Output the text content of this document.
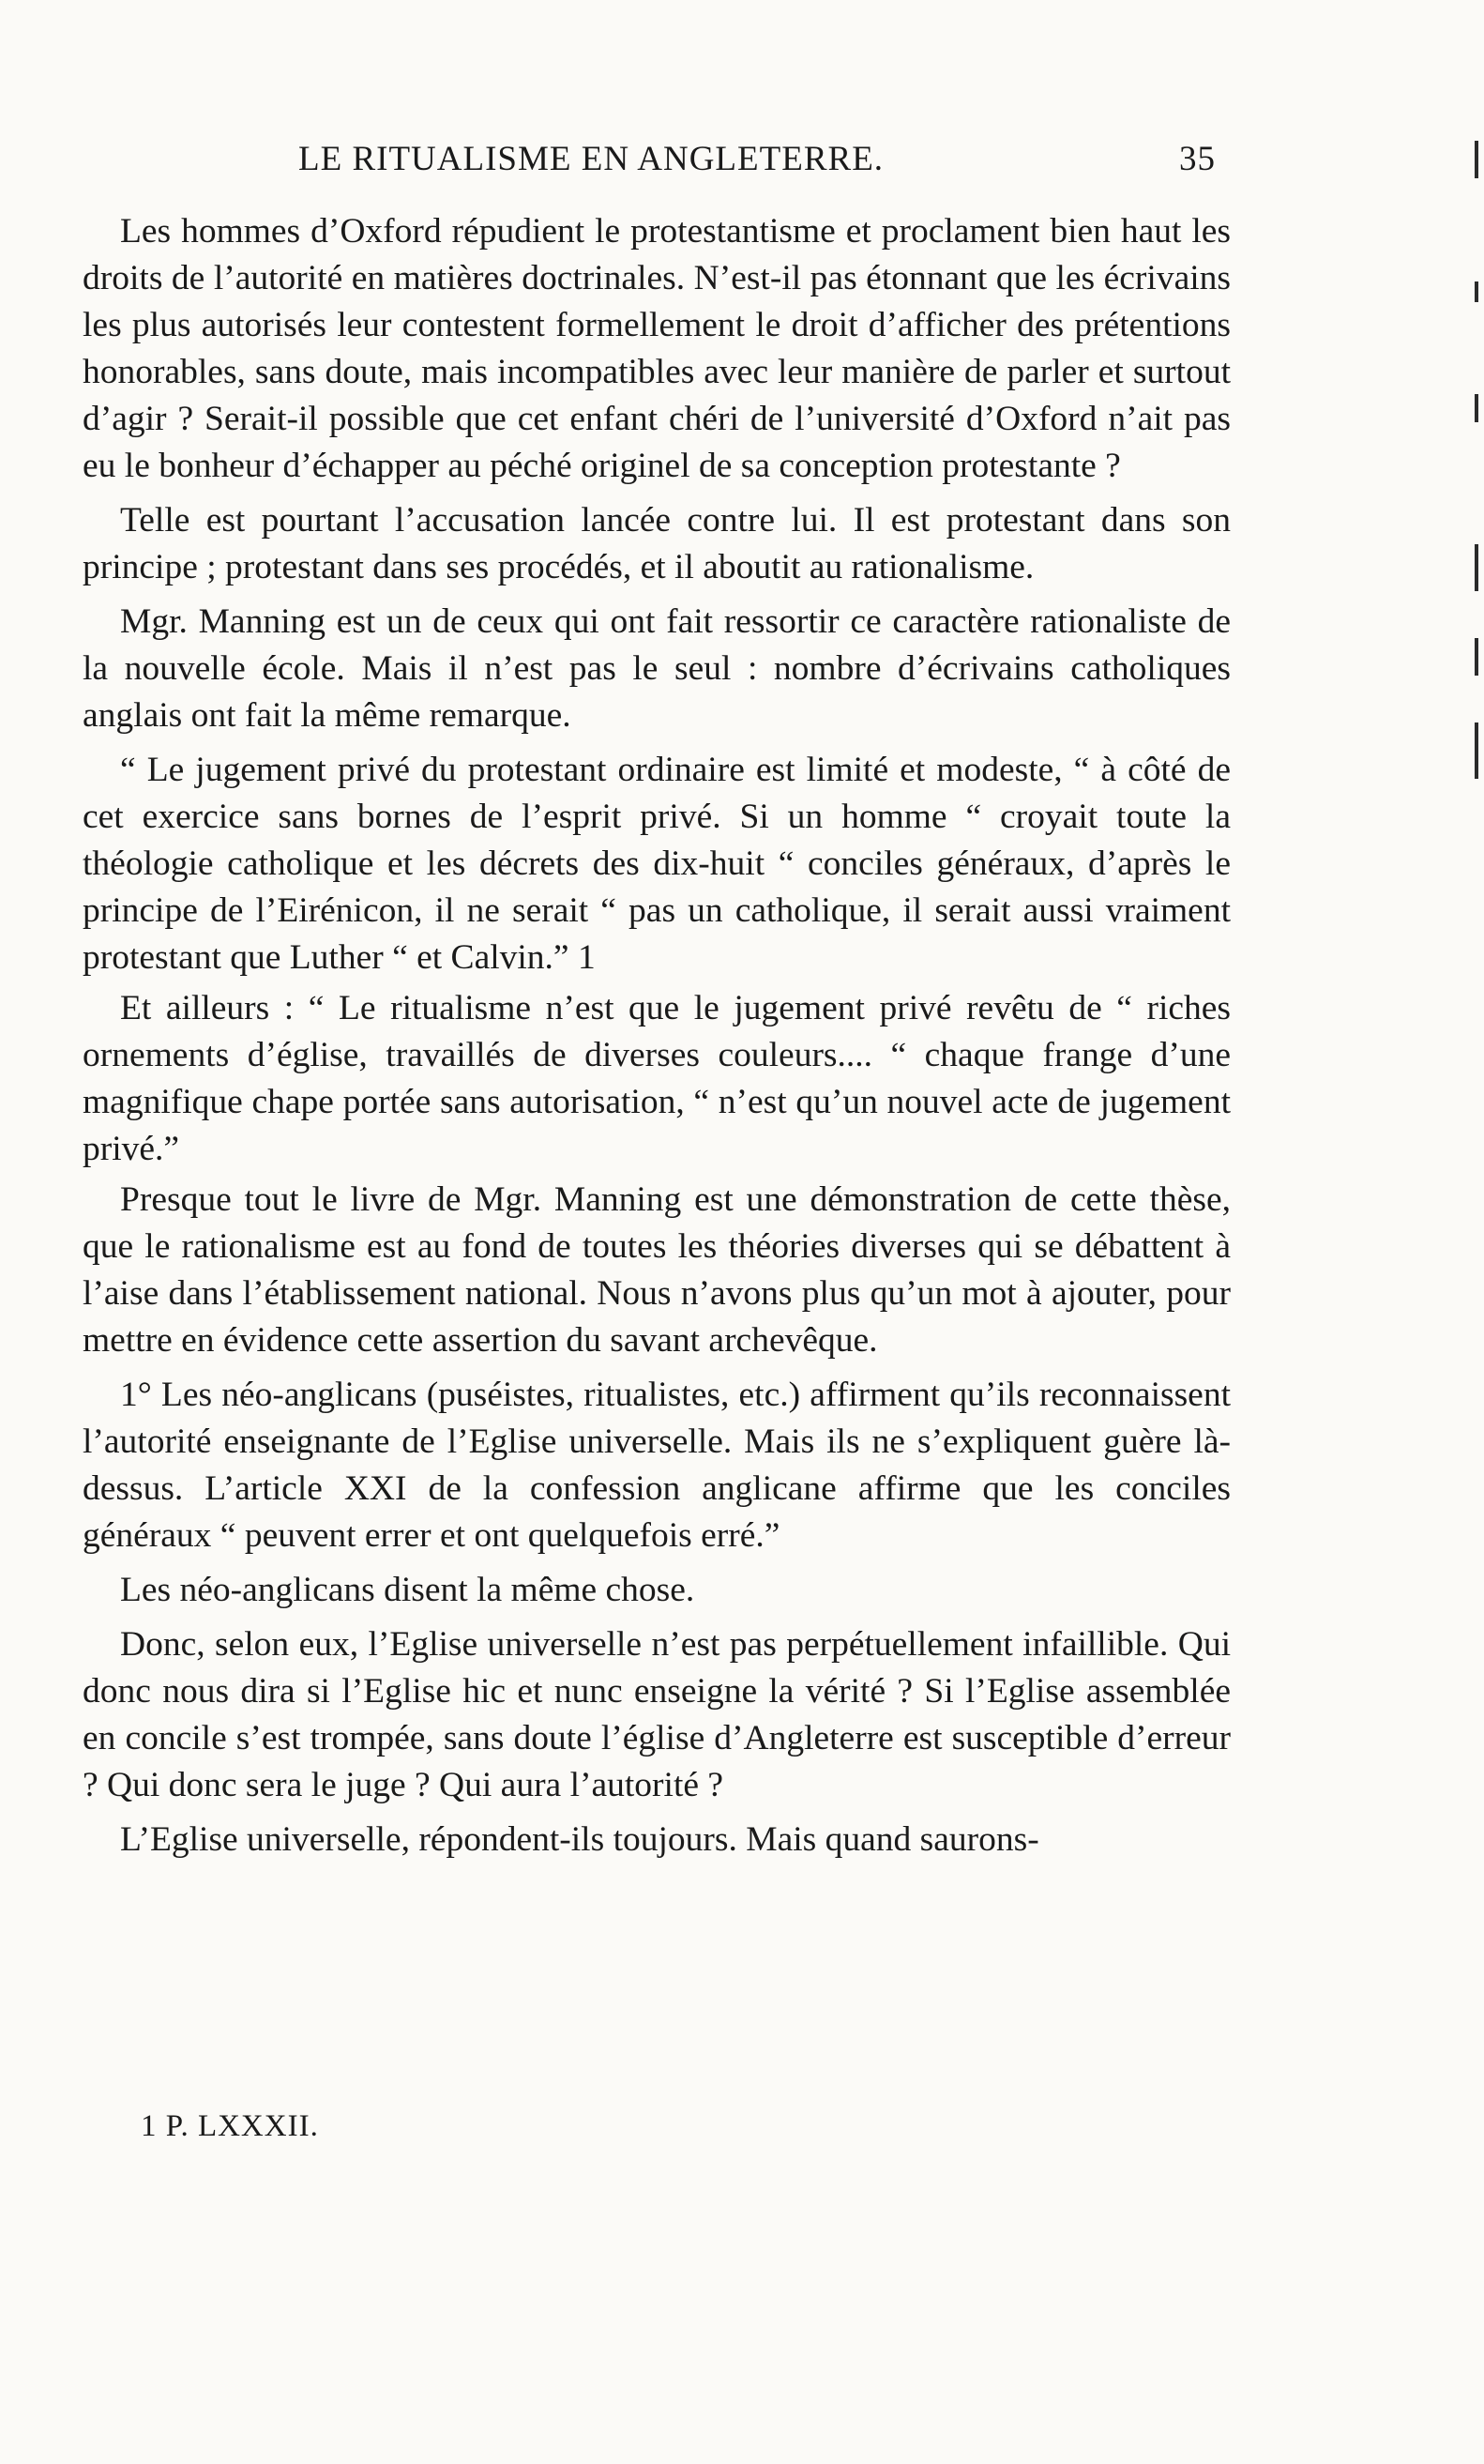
LE RITUALISME EN ANGLETERRE.	35

Les hommes d’Oxford répudient le protestantisme et proclament bien haut les droits de l’autorité en matières doctrinales. N’est-il pas étonnant que les écrivains les plus autorisés leur contestent formellement le droit d’afficher des prétentions honorables, sans doute, mais incompatibles avec leur manière de parler et surtout d’agir ? Serait-il possible que cet enfant chéri de l’université d’Oxford n’ait pas eu le bonheur d’échapper au péché originel de sa conception protestante ?

Telle est pourtant l’accusation lancée contre lui. Il est protestant dans son principe ; protestant dans ses procédés, et il aboutit au rationalisme.

Mgr. Manning est un de ceux qui ont fait ressortir ce caractère rationaliste de la nouvelle école. Mais il n’est pas le seul : nombre d’écrivains catholiques anglais ont fait la même remarque.

“ Le jugement privé du protestant ordinaire est limité et modeste, “ à côté de cet exercice sans bornes de l’esprit privé. Si un homme “ croyait toute la théologie catholique et les décrets des dix-huit “ conciles généraux, d’après le principe de l’Eirénicon, il ne serait “ pas un catholique, il serait aussi vraiment protestant que Luther “ et Calvin.” 1

Et ailleurs : “ Le ritualisme n’est que le jugement privé revêtu de “ riches ornements d’église, travaillés de diverses couleurs.... “ chaque frange d’une magnifique chape portée sans autorisation, “ n’est qu’un nouvel acte de jugement privé.”

Presque tout le livre de Mgr. Manning est une démonstration de cette thèse, que le rationalisme est au fond de toutes les théories diverses qui se débattent à l’aise dans l’établissement national. Nous n’avons plus qu’un mot à ajouter, pour mettre en évidence cette assertion du savant archevêque.

1° Les néo-anglicans (puséistes, ritualistes, etc.) affirment qu’ils reconnaissent l’autorité enseignante de l’Eglise universelle. Mais ils ne s’expliquent guère là-dessus. L’article XXI de la confession anglicane affirme que les conciles généraux “ peuvent errer et ont quelquefois erré.”

Les néo-anglicans disent la même chose.

Donc, selon eux, l’Eglise universelle n’est pas perpétuellement infaillible. Qui donc nous dira si l’Eglise hic et nunc enseigne la vérité ? Si l’Eglise assemblée en concile s’est trompée, sans doute l’église d’Angleterre est susceptible d’erreur ? Qui donc sera le juge ? Qui aura l’autorité ?

L’Eglise universelle, répondent-ils toujours. Mais quand saurons-

1 P. LXXXII.
